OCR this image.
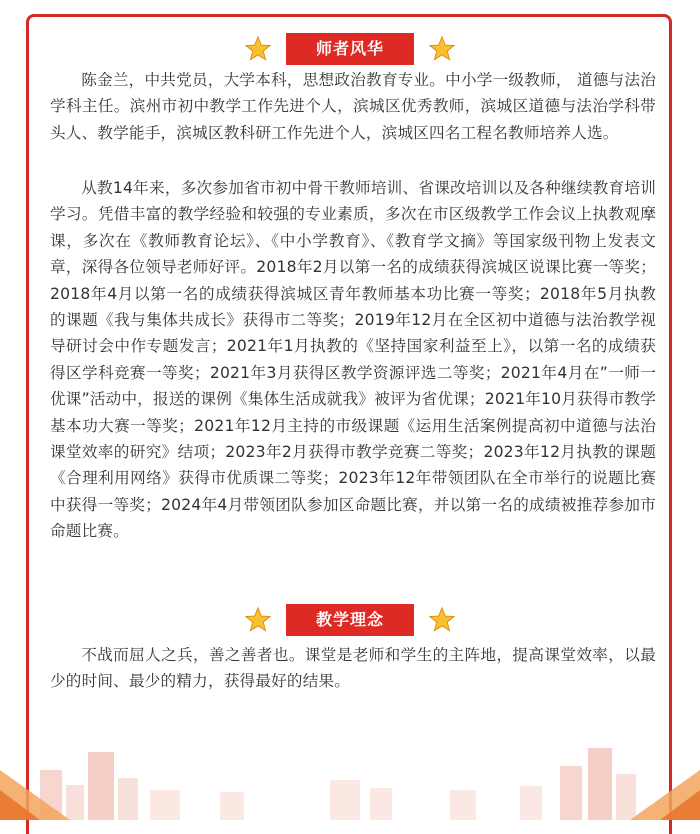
师者风华

陈金兰，中共党员，大学本科，思想政治教育专业。中小学一级教师， 道德与法治学科主任。滨州市初中教学工作先进个人，滨城区优秀教师，滨城区道德与法治学科带头人、教学能手，滨城区教科研工作先进个人，滨城区四名工程名教师培养人选。

从教14年来，多次参加省市初中骨干教师培训、省课改培训以及各种继续教育培训学习。凭借丰富的教学经验和较强的专业素质，多次在市区级教学工作会议上执教观摩课，多次在《教师教育论坛》、《中小学教育》、《教育学文摘》等国家级刊物上发表文章，深得各位领导老师好评。2018年2月以第一名的成绩获得滨城区说课比赛一等奖；2018年4月以第一名的成绩获得滨城区青年教师基本功比赛一等奖；2018年5月执教的课题《我与集体共成长》获得市二等奖；2019年12月在全区初中道德与法治教学视导研讨会中作专题发言；2021年1月执教的《坚持国家利益至上》，以第一名的成绩获得区学科竞赛一等奖；2021年3月获得区教学资源评选二等奖；2021年4月在”一师一优课”活动中，报送的课例《集体生活成就我》被评为省优课；2021年10月获得市教学基本功大赛一等奖；2021年12月主持的市级课题《运用生活案例提高初中道德与法治课堂效率的研究》结项；2023年2月获得市教学竞赛二等奖；2023年12月执教的课题《合理利用网络》获得市优质课二等奖；2023年12年带领团队在全市举行的说题比赛中获得一等奖；2024年4月带领团队参加区命题比赛，并以第一名的成绩被推荐参加市命题比赛。

教学理念

不战而屈人之兵，善之善者也。课堂是老师和学生的主阵地，提高课堂效率，以最少的时间、最少的精力，获得最好的结果。
